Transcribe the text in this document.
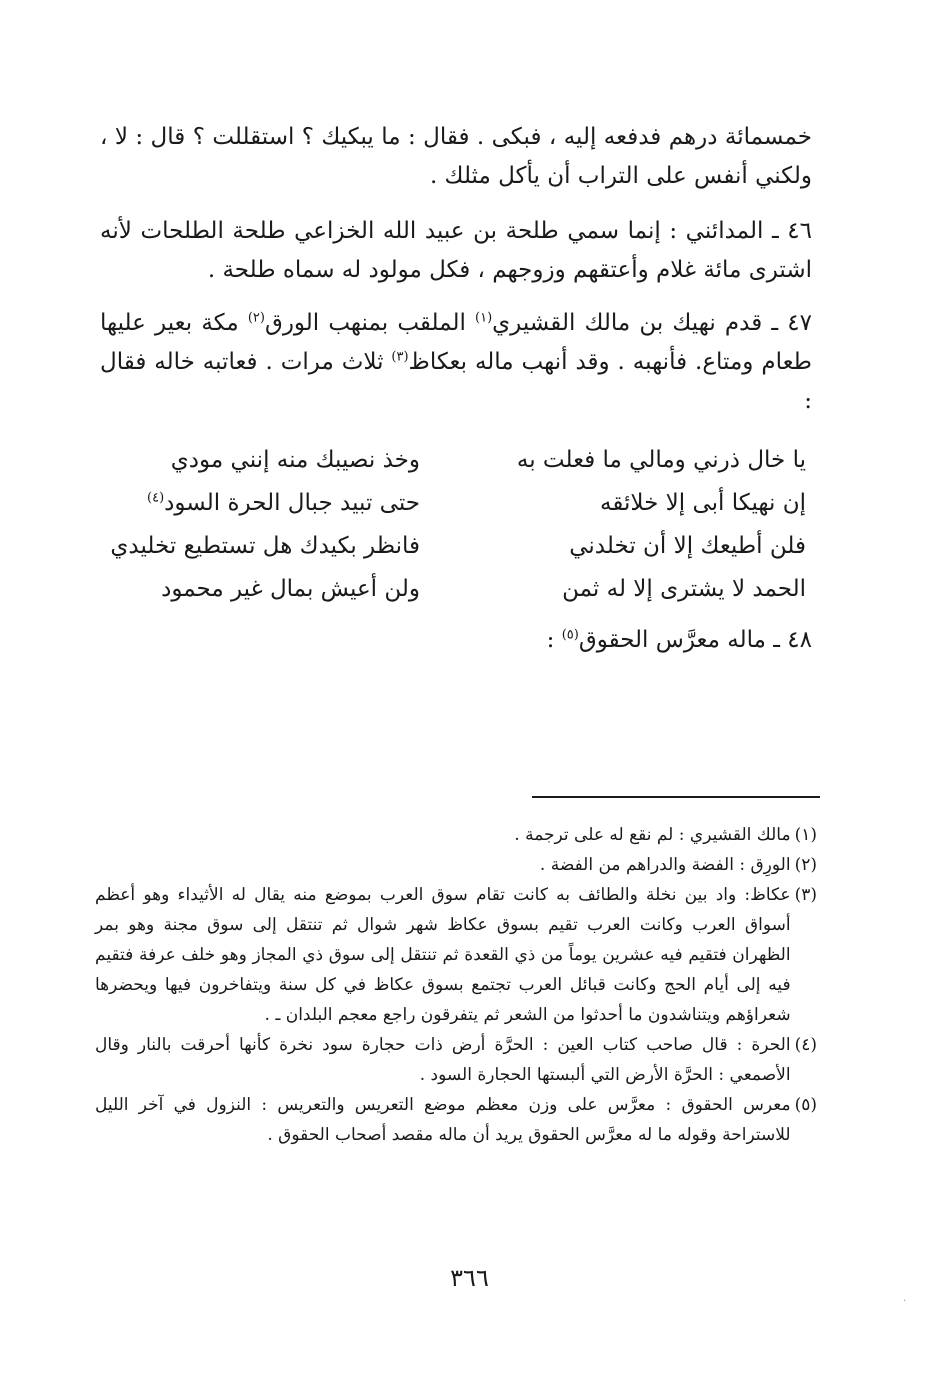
خمسمائة درهم فدفعه إليه ، فبكى . فقال : ما يبكيك ؟ استقللت ؟ قال : لا ، ولكني أنفس على التراب أن يأكل مثلك .

٤٦ ـ المدائني : إنما سمي طلحة بن عبيد الله الخزاعي طلحة الطلحات لأنه اشترى مائة غلام وأعتقهم وزوجهم ، فكل مولود له سماه طلحة .

٤٧ ـ قدم نهيك بن مالك القشيري$^{(١)}$ الملقب بمنهب الورق$^{(٢)}$ مكة بعير عليها طعام ومتاع. فأنهبه . وقد أنهب ماله بعكاظ$^{(٣)}$ ثلاث مرات . فعاتبه خاله فقال :

يا خال ذرني ومالي ما فعلت به
وخذ نصيبك منه إنني مودي
إن نهيكا أبى إلا خلائقه
حتى تبيد جبال الحرة السود$^{(٤)}$
فلن أطيعك إلا أن تخلدني
فانظر بكيدك هل تستطيع تخليدي
الحمد لا يشترى إلا له ثمن
ولن أعيش بمال غير محمود
٤٨ ـ ماله معرَّس الحقوق$^{(٥)}$ :
(١)
مالك القشيري : لم نقع له على ترجمة .
(٢)
الورِق : الفضة والدراهم من الفضة .
(٣)
عكاظ: واد بين نخلة والطائف به كانت تقام سوق العرب بموضع منه يقال له الأثيداء وهو أعظم أسواق العرب وكانت العرب تقيم بسوق عكاظ شهر شوال ثم تنتقل إلى سوق مجنة وهو بمر الظهران فتقيم فيه عشرين يوماً من ذي القعدة ثم تنتقل إلى سوق ذي المجاز وهو خلف عرفة فتقيم فيه إلى أيام الحج وكانت قبائل العرب تجتمع بسوق عكاظ في كل سنة ويتفاخرون فيها ويحضرها شعراؤهم ويتناشدون ما أحدثوا من الشعر ثم يتفرقون راجع معجم البلدان ـ .
(٤)
الحرة : قال صاحب كتاب العين : الحرَّة أرض ذات حجارة سود نخرة كأنها أحرقت بالنار وقال الأصمعي : الحرَّة الأرض التي ألبستها الحجارة السود .
(٥)
معرس الحقوق : معرَّس على وزن معظم موضع التعريس والتعريس : النزول في آخر الليل للاستراحة وقوله ما له معرَّس الحقوق يريد أن ماله مقصد أصحاب الحقوق .
٣٦٦
·
